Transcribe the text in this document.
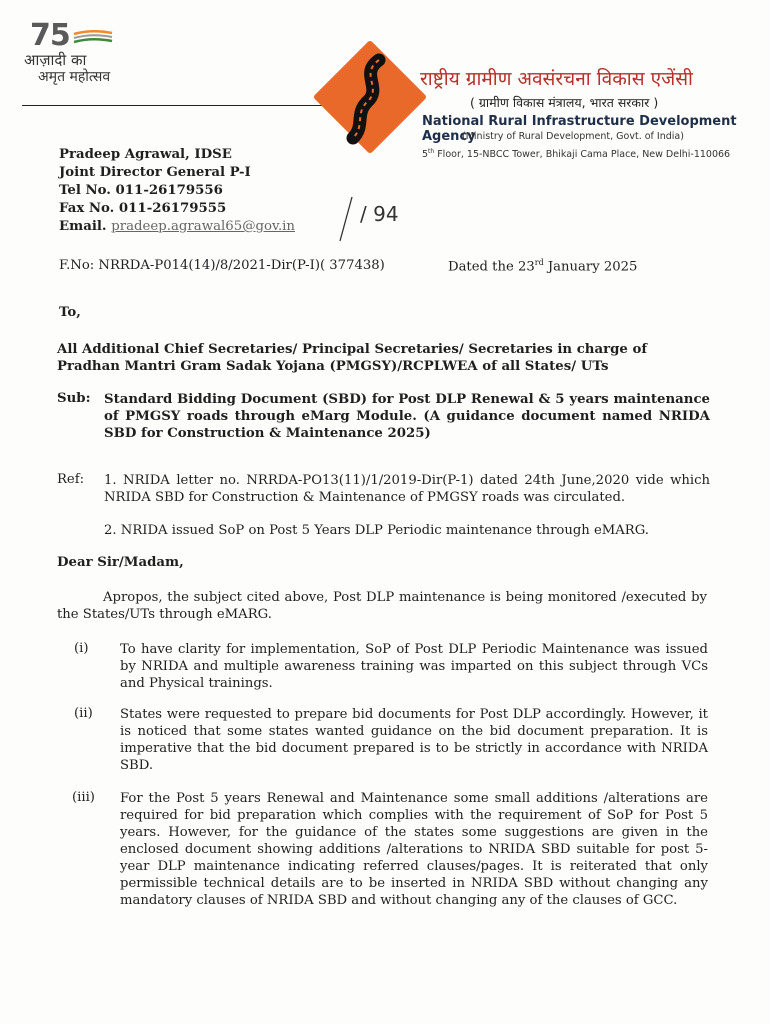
75
आज़ादी का
अमृत महोत्सव	राष्ट्रीय ग्रामीण अवसंरचना विकास एजेंसी
( ग्रामीण विकास मंत्रालय, भारत सरकार )
National Rural Infrastructure Development Agency
(Ministry of Rural Development, Govt. of India)
5th Floor, 15-NBCC Tower, Bhikaji Cama Place, New Delhi-110066
Pradeep Agrawal, IDSE
Joint Director General P-I
Tel No. 011-26179556
Fax No. 011-26179555
Email. pradeep.agrawal65@gov.in
/ 94
F.No: NRRDA-P014(14)/8/2021-Dir(P-I)( 377438)	Dated the 23rd January 2025
To,
All Additional Chief Secretaries/ Principal Secretaries/ Secretaries in charge of Pradhan Mantri Gram Sadak Yojana (PMGSY)/RCPLWEA of all States/ UTs
Sub: Standard Bidding Document (SBD) for Post DLP Renewal & 5 years maintenance of PMGSY roads through eMarg Module. (A guidance document named NRIDA SBD for Construction & Maintenance 2025)
Ref: 1. NRIDA letter no. NRRDA-PO13(11)/1/2019-Dir(P-1) dated 24th June,2020 vide which NRIDA SBD for Construction & Maintenance of PMGSY roads was circulated.
2. NRIDA issued SoP on Post 5 Years DLP Periodic maintenance through eMARG.
Dear Sir/Madam,
Apropos, the subject cited above, Post DLP maintenance is being monitored /executed by the States/UTs through eMARG.
(i) To have clarity for implementation, SoP of Post DLP Periodic Maintenance was issued by NRIDA and multiple awareness training was imparted on this subject through VCs and Physical trainings.
(ii) States were requested to prepare bid documents for Post DLP accordingly. However, it is noticed that some states wanted guidance on the bid document preparation. It is imperative that the bid document prepared is to be strictly in accordance with NRIDA SBD.
(iii) For the Post 5 years Renewal and Maintenance some small additions /alterations are required for bid preparation which complies with the requirement of SoP for Post 5 years. However, for the guidance of the states some suggestions are given in the enclosed document showing additions /alterations to NRIDA SBD suitable for post 5-year DLP maintenance indicating referred clauses/pages. It is reiterated that only permissible technical details are to be inserted in NRIDA SBD without changing any mandatory clauses of NRIDA SBD and without changing any of the clauses of GCC.
